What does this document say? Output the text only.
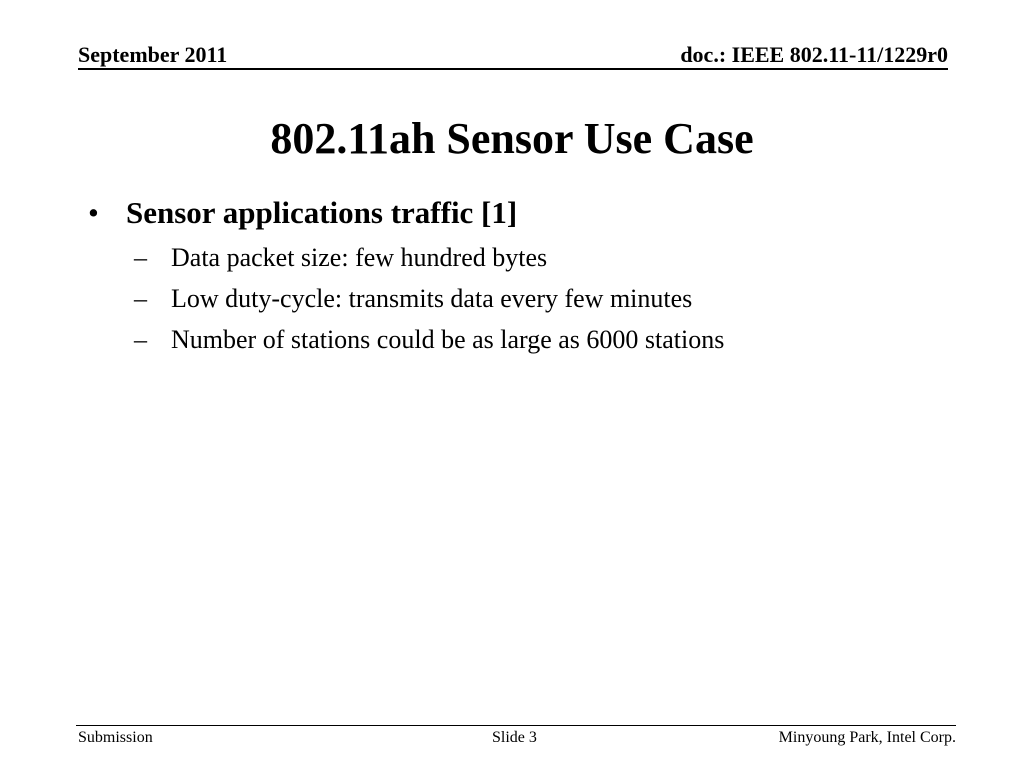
September 2011	doc.: IEEE 802.11-11/1229r0
802.11ah Sensor Use Case
• Sensor applications traffic [1]
– Data packet size: few hundred bytes
– Low duty-cycle: transmits data every few minutes
– Number of stations could be as large as 6000 stations
Submission	Slide 3	Minyoung Park, Intel Corp.
